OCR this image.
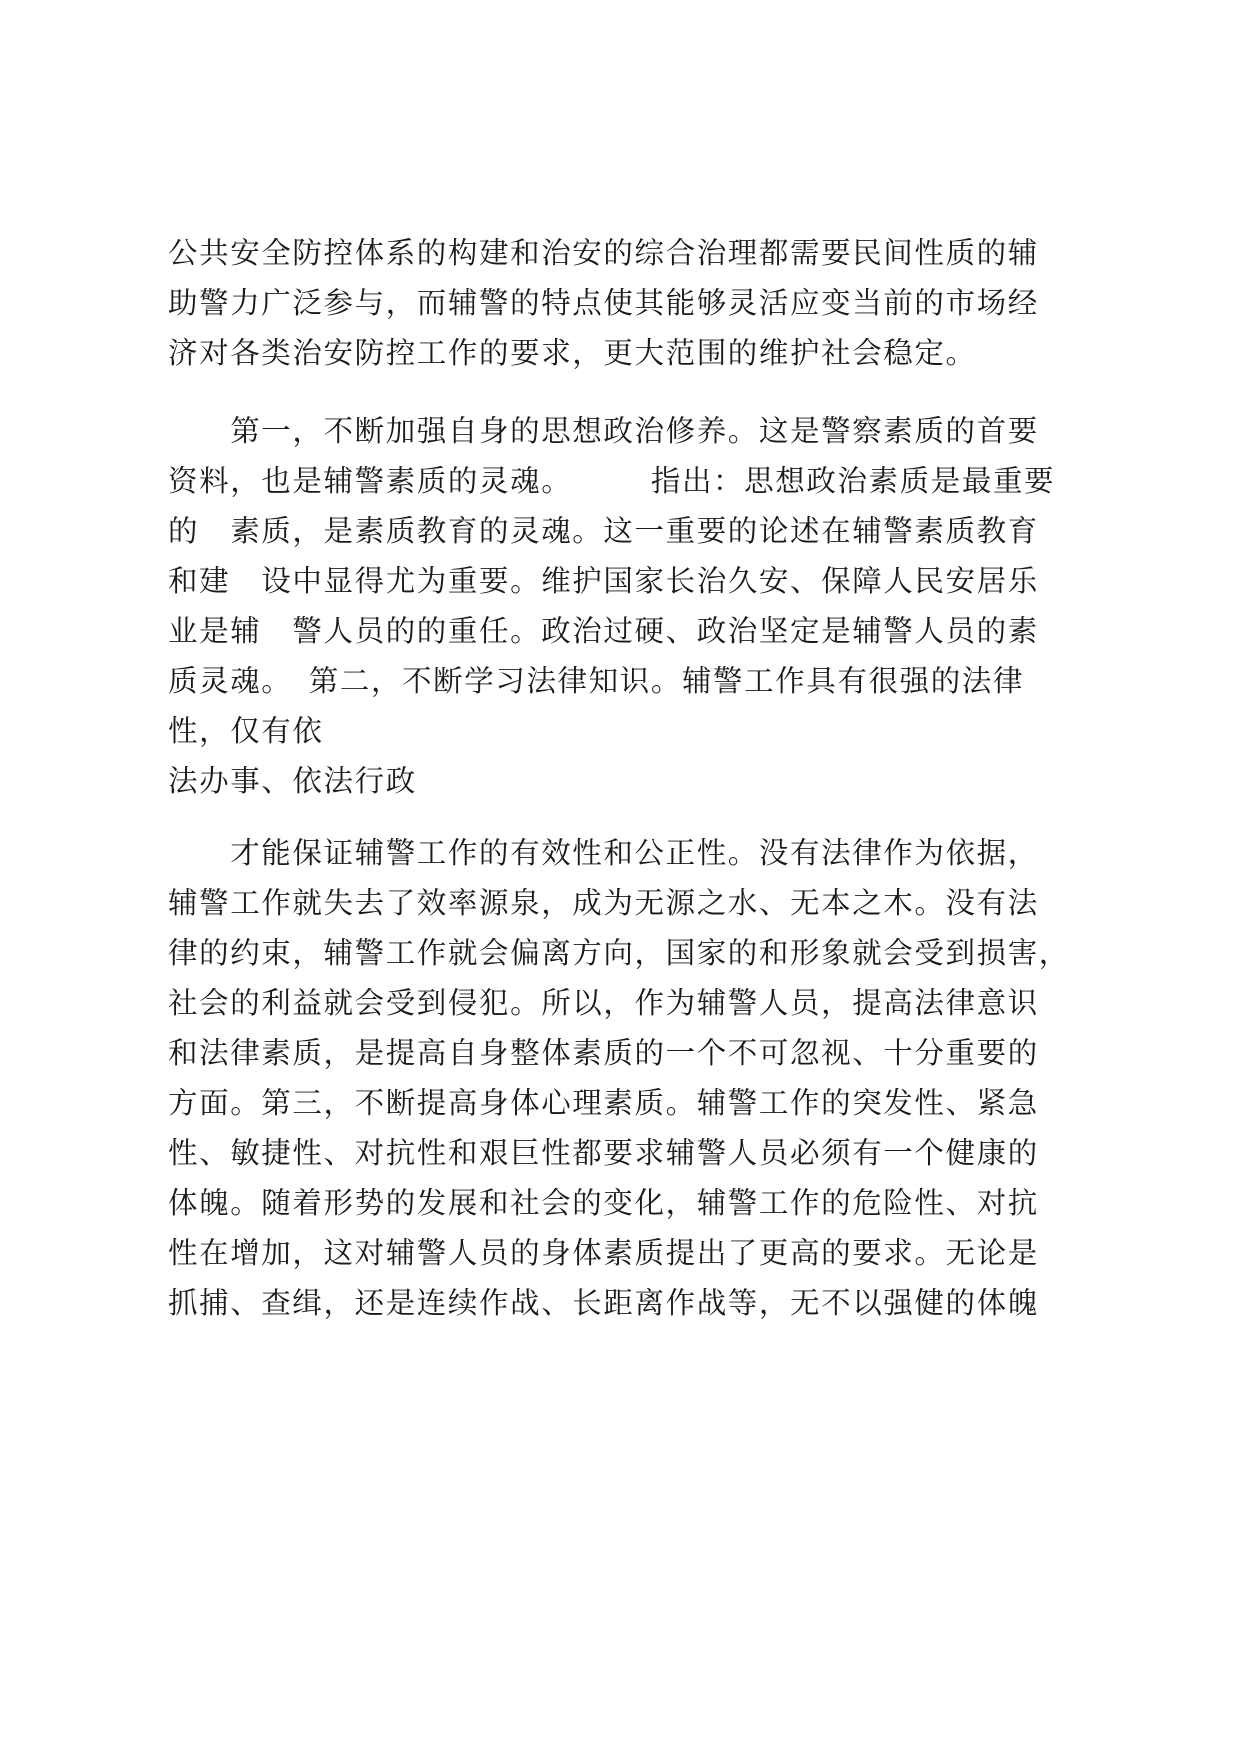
公共安全防控体系的构建和治安的综合治理都需要民间性质的辅
助警力广泛参与，而辅警的特点使其能够灵活应变当前的市场经
济对各类治安防控工作的要求，更大范围的维护社会稳定。

　　第一，不断加强自身的思想政治修养。这是警察素质的首要
资料，也是辅警素质的灵魂。　　　指出：思想政治素质是最重要
的　素质，是素质教育的灵魂。这一重要的论述在辅警素质教育
和建　设中显得尤为重要。维护国家长治久安、保障人民安居乐
业是辅　警人员的的重任。政治过硬、政治坚定是辅警人员的素
质灵魂。　第二，不断学习法律知识。辅警工作具有很强的法律
性，仅有依

法办事、依法行政

　　才能保证辅警工作的有效性和公正性。没有法律作为依据，
辅警工作就失去了效率源泉，成为无源之水、无本之木。没有法
律的约束，辅警工作就会偏离方向，国家的和形象就会受到损害，
社会的利益就会受到侵犯。所以，作为辅警人员，提高法律意识
和法律素质，是提高自身整体素质的一个不可忽视、十分重要的
方面。第三，不断提高身体心理素质。辅警工作的突发性、紧急
性、敏捷性、对抗性和艰巨性都要求辅警人员必须有一个健康的
体魄。随着形势的发展和社会的变化，辅警工作的危险性、对抗
性在增加，这对辅警人员的身体素质提出了更高的要求。无论是
抓捕、查缉，还是连续作战、长距离作战等，无不以强健的体魄
